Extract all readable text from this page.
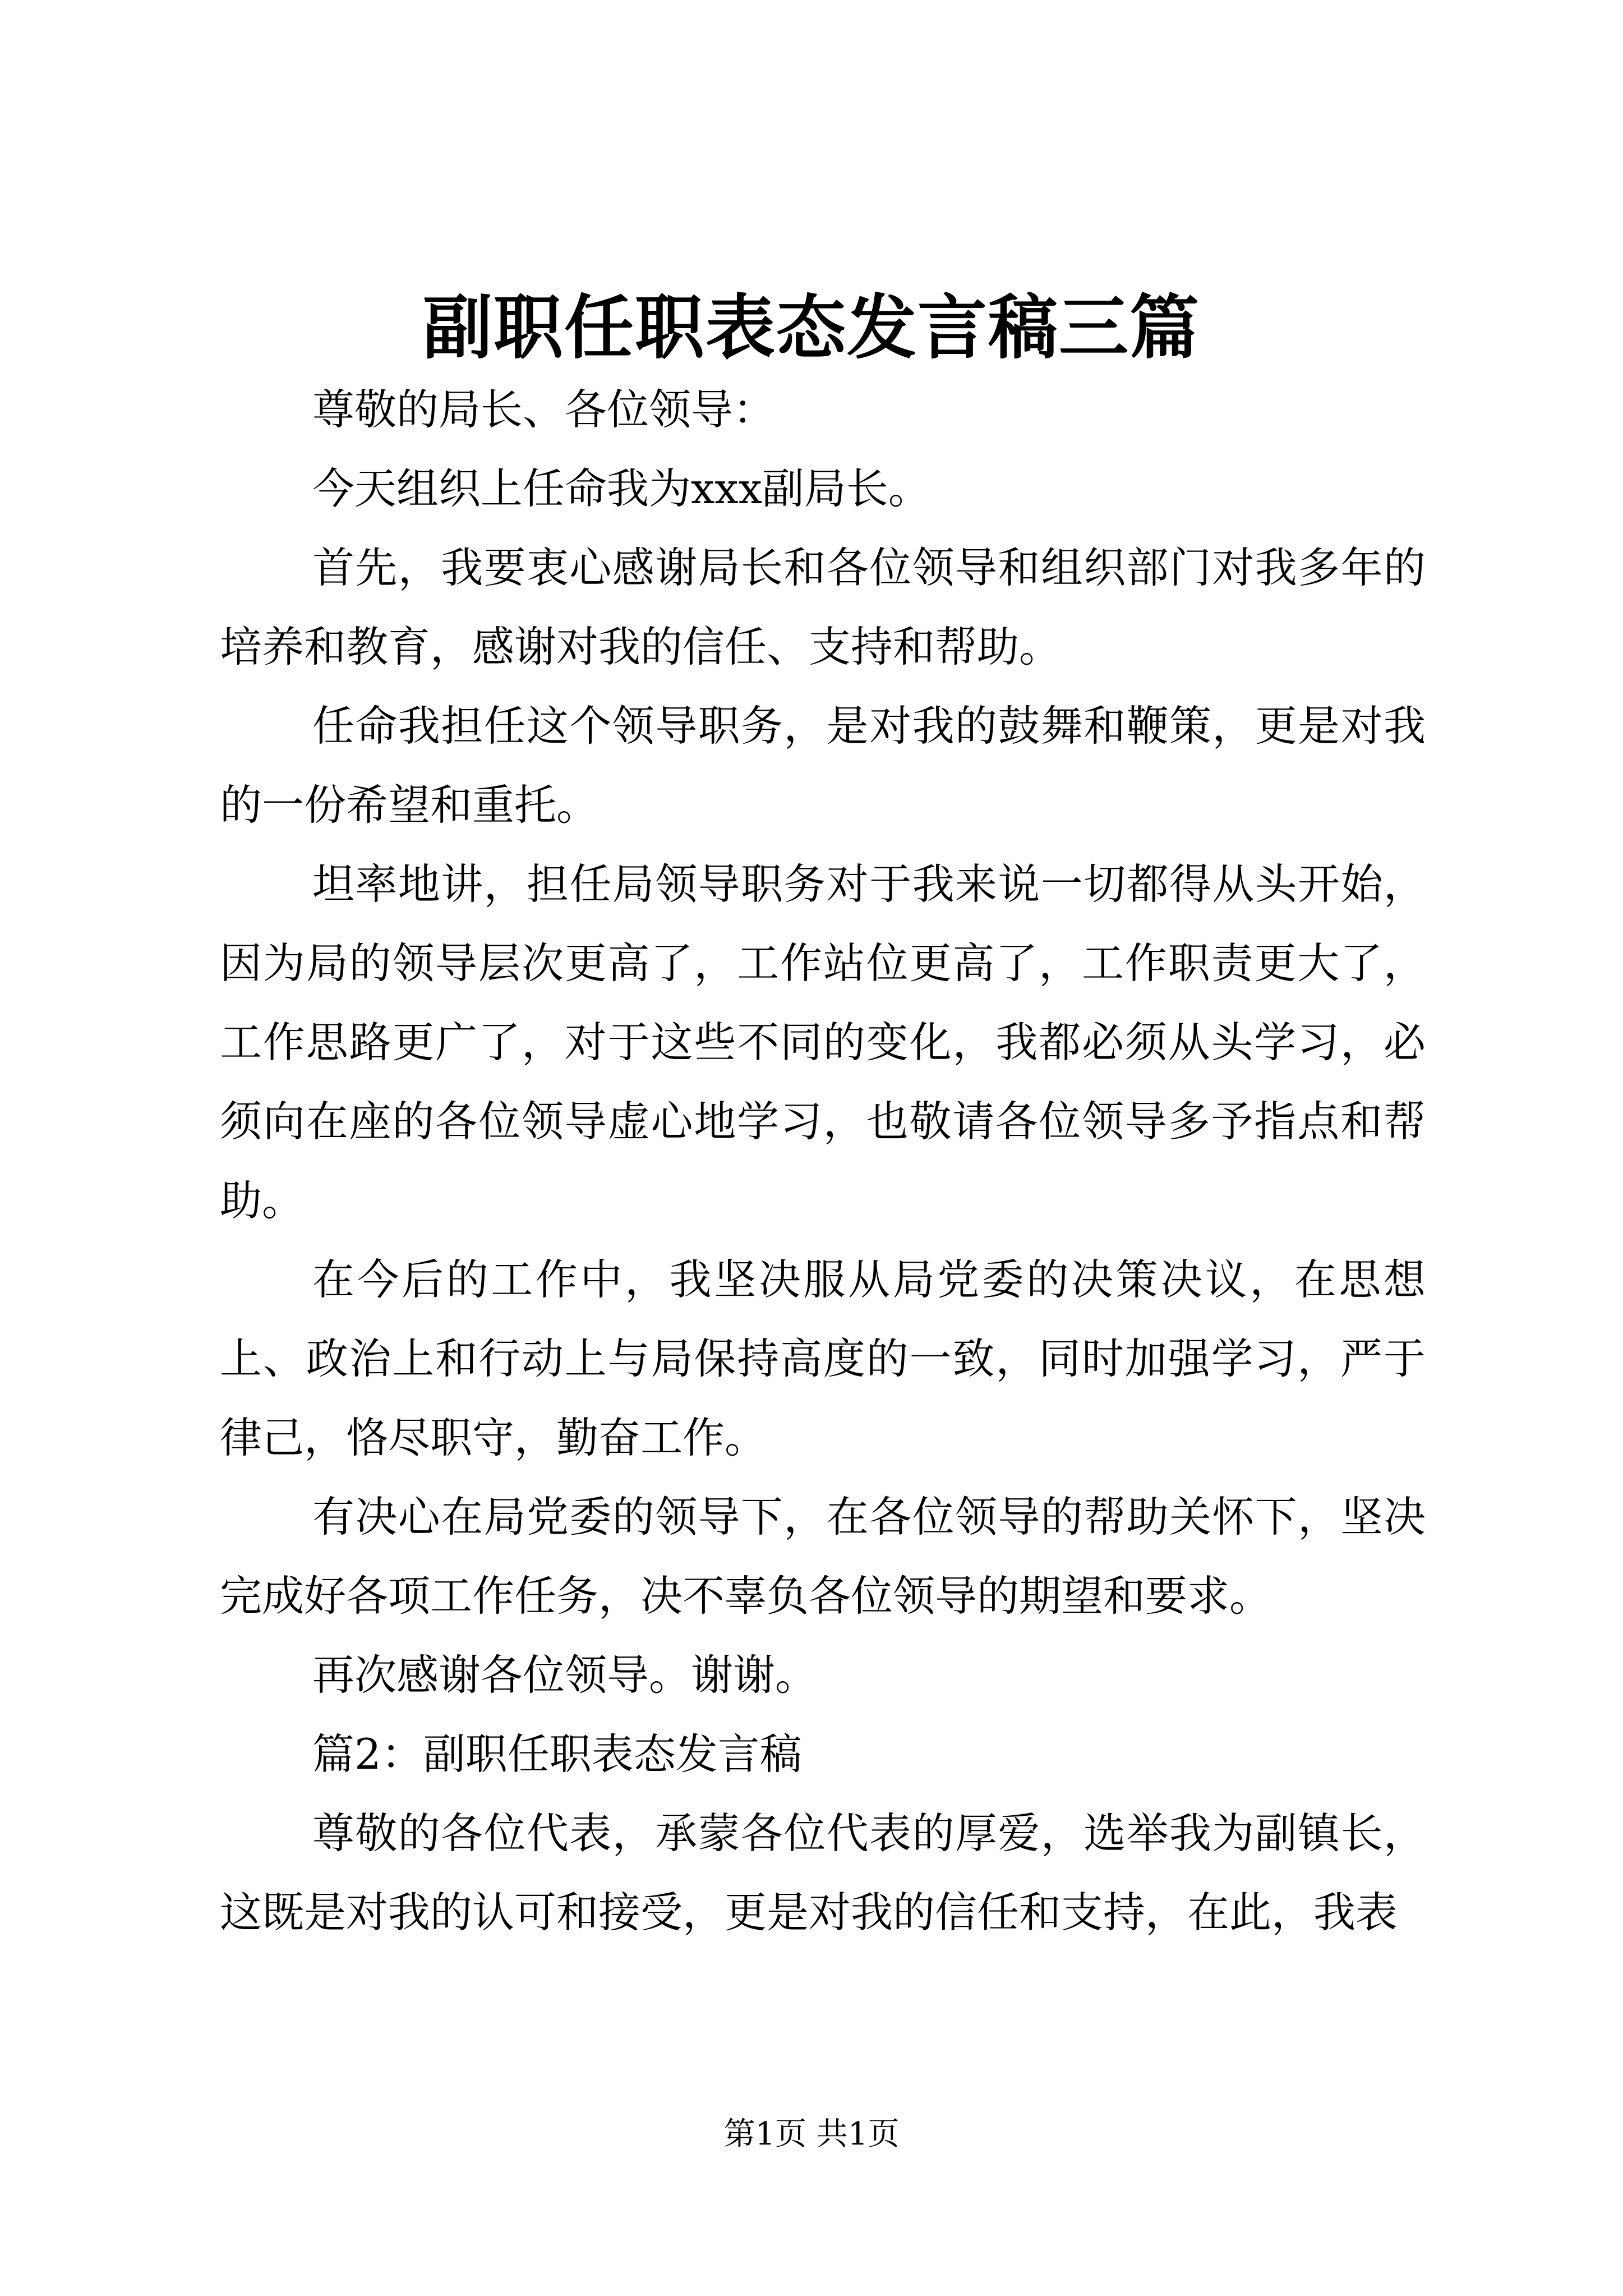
副职任职表态发言稿三篇

尊敬的局长、各位领导：

今天组织上任命我为xxx副局长。

首先，我要衷心感谢局长和各位领导和组织部门对我多年的培养和教育，感谢对我的信任、支持和帮助。

任命我担任这个领导职务，是对我的鼓舞和鞭策，更是对我的一份希望和重托。

坦率地讲，担任局领导职务对于我来说一切都得从头开始，因为局的领导层次更高了，工作站位更高了，工作职责更大了，工作思路更广了，对于这些不同的变化，我都必须从头学习，必须向在座的各位领导虚心地学习，也敬请各位领导多予指点和帮助。

在今后的工作中，我坚决服从局党委的决策决议，在思想上、政治上和行动上与局保持高度的一致，同时加强学习，严于律己，恪尽职守，勤奋工作。

有决心在局党委的领导下，在各位领导的帮助关怀下，坚决完成好各项工作任务，决不辜负各位领导的期望和要求。

再次感谢各位领导。谢谢。

篇2：副职任职表态发言稿

尊敬的各位代表，承蒙各位代表的厚爱，选举我为副镇长，这既是对我的认可和接受，更是对我的信任和支持，在此，我表

第1页 共1页
